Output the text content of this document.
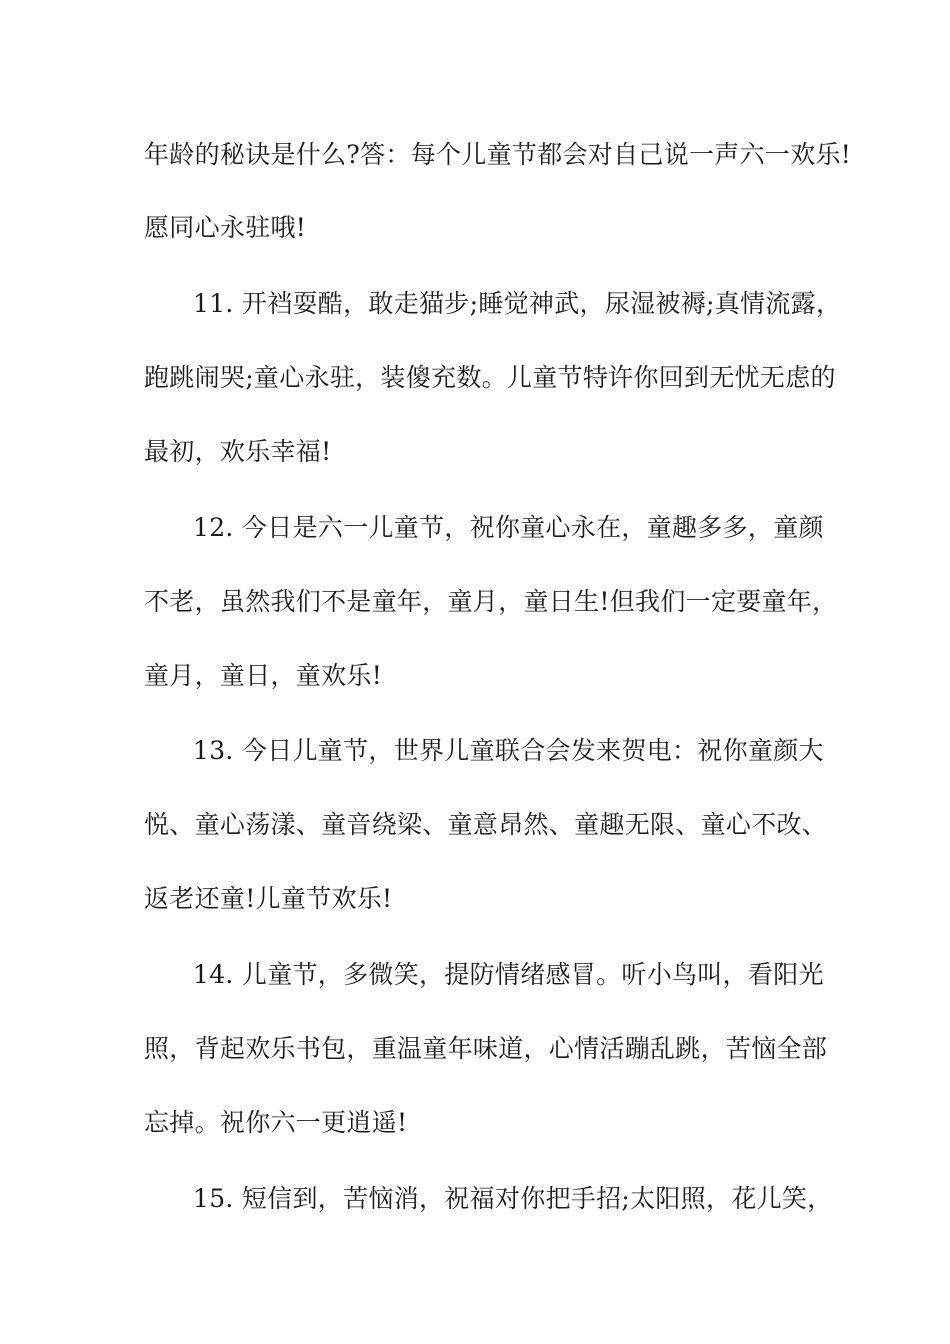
年龄的秘诀是什么?答：每个儿童节都会对自己说一声六一欢乐!
愿同心永驻哦!
11. 开裆耍酷，敢走猫步;睡觉神武，尿湿被褥;真情流露，
跑跳闹哭;童心永驻，装傻充数。儿童节特许你回到无忧无虑的
最初，欢乐幸福!
12. 今日是六一儿童节，祝你童心永在，童趣多多，童颜
不老，虽然我们不是童年，童月，童日生!但我们一定要童年，
童月，童日，童欢乐!
13. 今日儿童节，世界儿童联合会发来贺电：祝你童颜大
悦、童心荡漾、童音绕梁、童意昂然、童趣无限、童心不改、
返老还童!儿童节欢乐!
14. 儿童节，多微笑，提防情绪感冒。听小鸟叫，看阳光
照，背起欢乐书包，重温童年味道，心情活蹦乱跳，苦恼全部
忘掉。祝你六一更逍遥!
15. 短信到，苦恼消，祝福对你把手招;太阳照，花儿笑，
